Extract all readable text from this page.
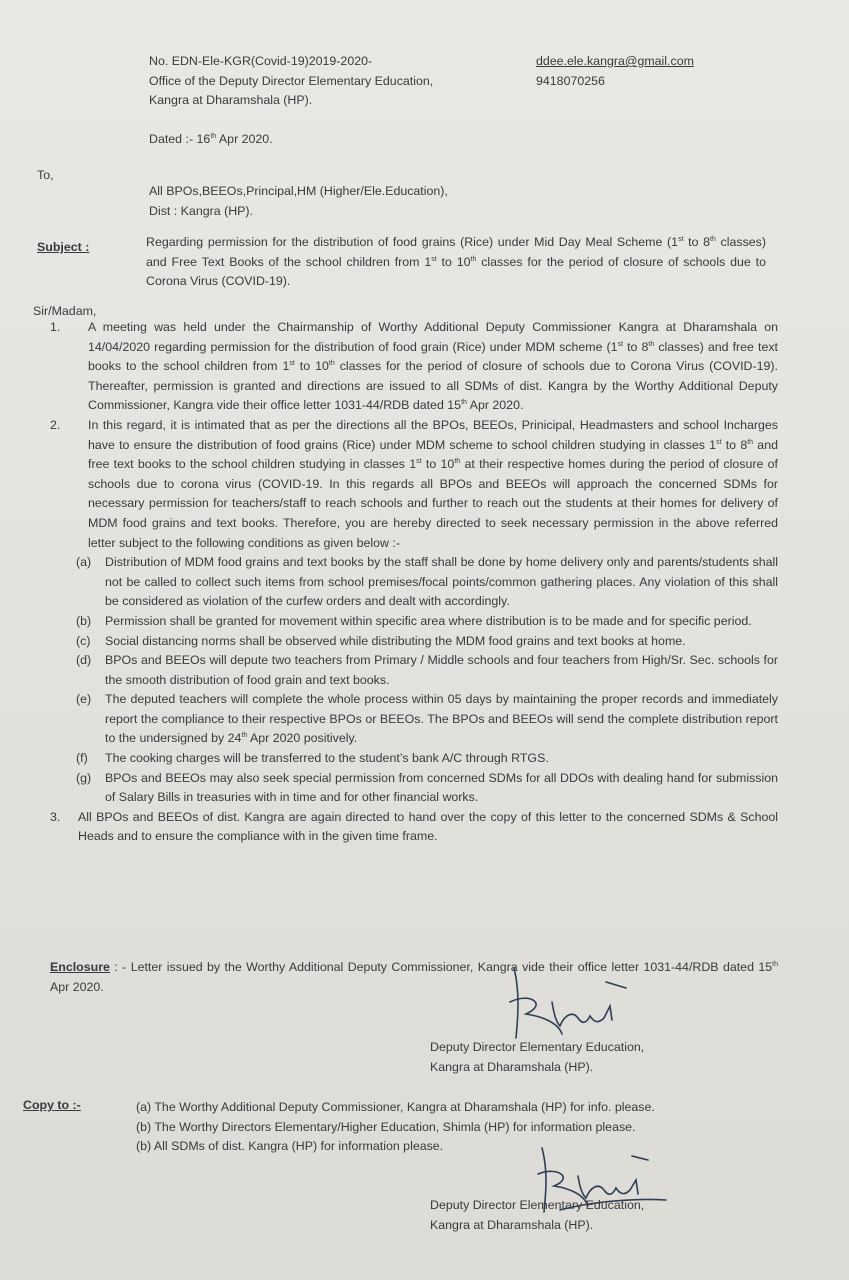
No. EDN-Ele-KGR(Covid-19)2019-2020-
Office of the Deputy Director Elementary Education,
Kangra at Dharamshala (HP).
ddee.ele.kangra@gmail.com
9418070256
Dated :- 16th Apr 2020.
To,
All BPOs,BEEOs,Principal,HM (Higher/Ele.Education),
Dist : Kangra (HP).
Subject :	Regarding permission for the distribution of food grains (Rice) under Mid Day Meal Scheme (1st to 8th classes) and Free Text Books of the school children from 1st to 10th classes for the period of closure of schools due to Corona Virus (COVID-19).
Sir/Madam,
1.	A meeting was held under the Chairmanship of Worthy Additional Deputy Commissioner Kangra at Dharamshala on 14/04/2020 regarding permission for the distribution of food grain (Rice) under MDM scheme (1st to 8th classes) and free text books to the school children from 1st to 10th classes for the period of closure of schools due to Corona Virus (COVID-19). Thereafter, permission is granted and directions are issued to all SDMs of dist. Kangra by the Worthy Additional Deputy Commissioner, Kangra vide their office letter 1031-44/RDB dated 15th Apr 2020.
2.	In this regard, it is intimated that as per the directions all the BPOs, BEEOs, Prinicipal, Headmasters and school Incharges have to ensure the distribution of food grains (Rice) under MDM scheme to school children studying in classes 1st to 8th and free text books to the school children studying in classes 1st to 10th at their respective homes during the period of closure of schools due to corona virus (COVID-19. In this regards all BPOs and BEEOs will approach the concerned SDMs for necessary permission for teachers/staff to reach schools and further to reach out the students at their homes for delivery of MDM food grains and text books. Therefore, you are hereby directed to seek necessary permission in the above referred letter subject to the following conditions as given below :-
(a)	Distribution of MDM food grains and text books by the staff shall be done by home delivery only and parents/students shall not be called to collect such items from school premises/focal points/common gathering places. Any violation of this shall be considered as violation of the curfew orders and dealt with accordingly.
(b)	Permission shall be granted for movement within specific area where distribution is to be made and for specific period.
(c)	Social distancing norms shall be observed while distributing the MDM food grains and text books at home.
(d)	BPOs and BEEOs will depute two teachers from Primary / Middle schools and four teachers from High/Sr. Sec. schools for the smooth distribution of food grain and text books.
(e)	The deputed teachers will complete the whole process within 05 days by maintaining the proper records and immediately report the compliance to their respective BPOs or BEEOs. The BPOs and BEEOs will send the complete distribution report to the undersigned by 24th Apr 2020 positively.
(f)	The cooking charges will be transferred to the student’s bank A/C through RTGS.
(g)	BPOs and BEEOs may also seek special permission from concerned SDMs for all DDOs with dealing hand for submission of Salary Bills in treasuries with in time and for other financial works.
3.	All BPOs and BEEOs of dist. Kangra are again directed to hand over the copy of this letter to the concerned SDMs & School Heads and to ensure the compliance with in the given time frame.
Enclosure : - Letter issued by the Worthy Additional Deputy Commissioner, Kangra vide their office letter 1031-44/RDB dated 15th Apr 2020.
Deputy Director Elementary Education,
Kangra at Dharamshala (HP).
Copy to :-	(a) The Worthy Additional Deputy Commissioner, Kangra at Dharamshala (HP) for info. please.
(b) The Worthy Directors Elementary/Higher Education, Shimla (HP) for information please.
(b) All SDMs of dist. Kangra (HP) for information please.
Deputy Director Elementary Education,
Kangra at Dharamshala (HP).
